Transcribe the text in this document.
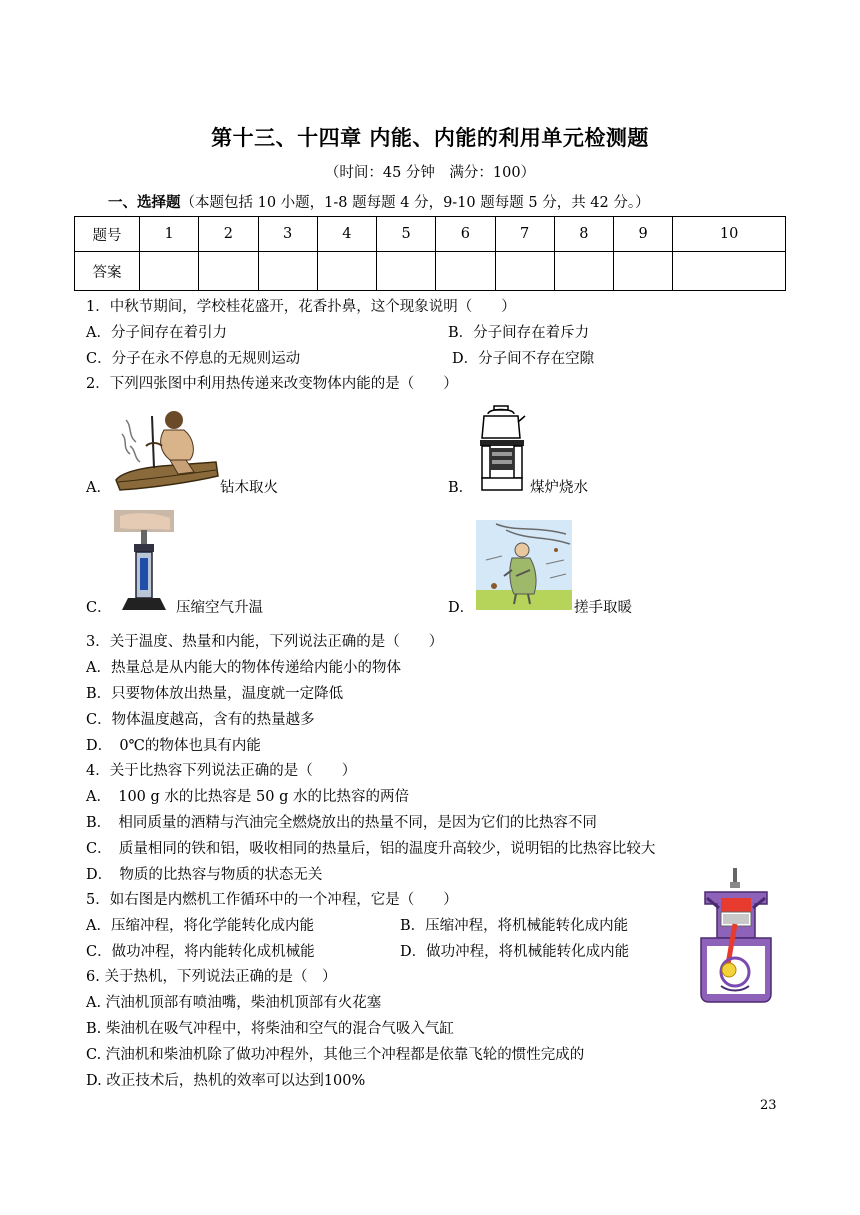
第十三、十四章 内能、内能的利用单元检测题
（时间：45 分钟　满分：100）
一、选择题（本题包括 10 小题，1-8 题每题 4 分，9-10 题每题 5 分，共 42 分。）
题号	1	2	3	4	5	6	7	8	9	10
答案										
1．中秋节期间，学校桂花盛开，花香扑鼻，这个现象说明（　　）
A．分子间存在着引力	B．分子间存在着斥力
C．分子在永不停息的无规则运动	D．分子间不存在空隙
2．下列四张图中利用热传递来改变物体内能的是（　　）
A．	钻木取火	B．	煤炉烧水
C．	压缩空气升温	D．	搓手取暖
3．关于温度、热量和内能，下列说法正确的是（　　）
A．热量总是从内能大的物体传递给内能小的物体
B．只要物体放出热量，温度就一定降低
C．物体温度越高，含有的热量越多
D．　0℃的物体也具有内能
4．关于比热容下列说法正确的是（　　）
A．　100 g 水的比热容是 50 g 水的比热容的两倍
B．　相同质量的酒精与汽油完全燃烧放出的热量不同，是因为它们的比热容不同
C．　质量相同的铁和铝，吸收相同的热量后，铝的温度升高较少，说明铝的比热容比较大
D．　物质的比热容与物质的状态无关
5．如右图是内燃机工作循环中的一个冲程，它是（　　）
A．压缩冲程，将化学能转化成内能	B．压缩冲程，将机械能转化成内能
C．做功冲程，将内能转化成机械能	D．做功冲程，将机械能转化成内能
6. 关于热机，下列说法正确的是（　）
A. 汽油机顶部有喷油嘴，柴油机顶部有火花塞
B. 柴油机在吸气冲程中，将柴油和空气的混合气吸入气缸
C. 汽油机和柴油机除了做功冲程外，其他三个冲程都是依靠飞轮的惯性完成的
D. 改正技术后，热机的效率可以达到100%
23
